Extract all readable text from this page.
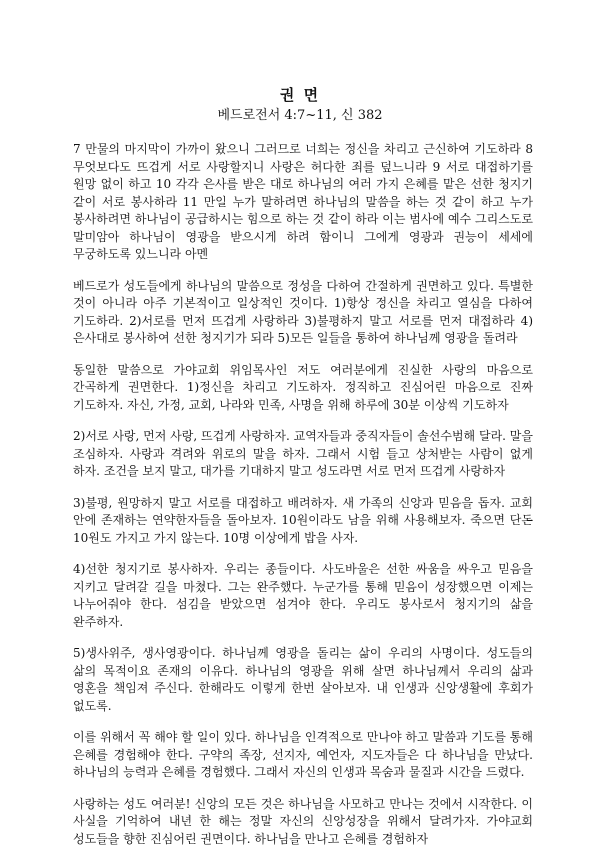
권 면

베드로전서 4:7~11, 신 382

7 만물의 마지막이 가까이 왔으니 그러므로 너희는 정신을 차리고 근신하여 기도하라 8 무엇보다도 뜨겁게 서로 사랑할지니 사랑은 허다한 죄를 덮느니라 9 서로 대접하기를 원망 없이 하고 10 각각 은사를 받은 대로 하나님의 여러 가지 은혜를 맡은 선한 청지기 같이 서로 봉사하라 11 만일 누가 말하려면 하나님의 말씀을 하는 것 같이 하고 누가 봉사하려면 하나님이 공급하시는 힘으로 하는 것 같이 하라 이는 범사에 예수 그리스도로 말미암아 하나님이 영광을 받으시게 하려 함이니 그에게 영광과 권능이 세세에 무궁하도록 있느니라 아멘

베드로가 성도들에게 하나님의 말씀으로 정성을 다하여 간절하게 권면하고 있다. 특별한 것이 아니라 아주 기본적이고 일상적인 것이다. 1)항상 정신을 차리고 열심을 다하여 기도하라. 2)서로를 먼저 뜨겁게 사랑하라 3)불평하지 말고 서로를 먼저 대접하라 4)은사대로 봉사하여 선한 청지기가 되라 5)모든 일들을 통하여 하나님께 영광을 돌려라

동일한 말씀으로 가야교회 위임목사인 저도 여러분에게 진실한 사랑의 마음으로 간곡하게 권면한다. 1)정신을 차리고 기도하자. 정직하고 진심어린 마음으로 진짜 기도하자. 자신, 가정, 교회, 나라와 민족, 사명을 위해 하루에 30분 이상씩 기도하자

2)서로 사랑, 먼저 사랑, 뜨겁게 사랑하자. 교역자들과 중직자들이 솔선수범해 달라. 말을 조심하자. 사랑과 격려와 위로의 말을 하자. 그래서 시험 들고 상처받는 사람이 없게 하자. 조건을 보지 말고, 대가를 기대하지 말고 성도라면 서로 먼저 뜨겁게 사랑하자

3)불평, 원망하지 말고 서로를 대접하고 배려하자. 새 가족의 신앙과 믿음을 돕자. 교회 안에 존재하는 연약한자들을 돌아보자. 10원이라도 남을 위해 사용해보자. 죽으면 단돈 10원도 가지고 가지 않는다. 10명 이상에게 밥을 사자.

4)선한 청지기로 봉사하자. 우리는 종들이다. 사도바울은 선한 싸움을 싸우고 믿음을 지키고 달려갈 길을 마쳤다. 그는 완주했다. 누군가를 통해 믿음이 성장했으면 이제는 나누어줘야 한다. 섬김을 받았으면 섬겨야 한다. 우리도 봉사로서 청지기의 삶을 완주하자.

5)생사위주, 생사영광이다. 하나님께 영광을 돌리는 삶이 우리의 사명이다. 성도들의 삶의 목적이요 존재의 이유다. 하나님의 영광을 위해 살면 하나님께서 우리의 삶과 영혼을 책임져 주신다. 한해라도 이렇게 한번 살아보자. 내 인생과 신앙생활에 후회가 없도록.

이를 위해서 꼭 해야 할 일이 있다. 하나님을 인격적으로 만나야 하고 말씀과 기도를 통해 은혜를 경험해야 한다. 구약의 족장, 선지자, 예언자, 지도자들은 다 하나님을 만났다. 하나님의 능력과 은혜를 경험했다. 그래서 자신의 인생과 목숨과 물질과 시간을 드렸다.

사랑하는 성도 여러분! 신앙의 모든 것은 하나님을 사모하고 만나는 것에서 시작한다. 이 사실을 기억하여 내년 한 해는 정말 자신의 신앙성장을 위해서 달려가자. 가야교회 성도들을 향한 진심어린 권면이다. 하나님을 만나고 은혜를 경험하자
